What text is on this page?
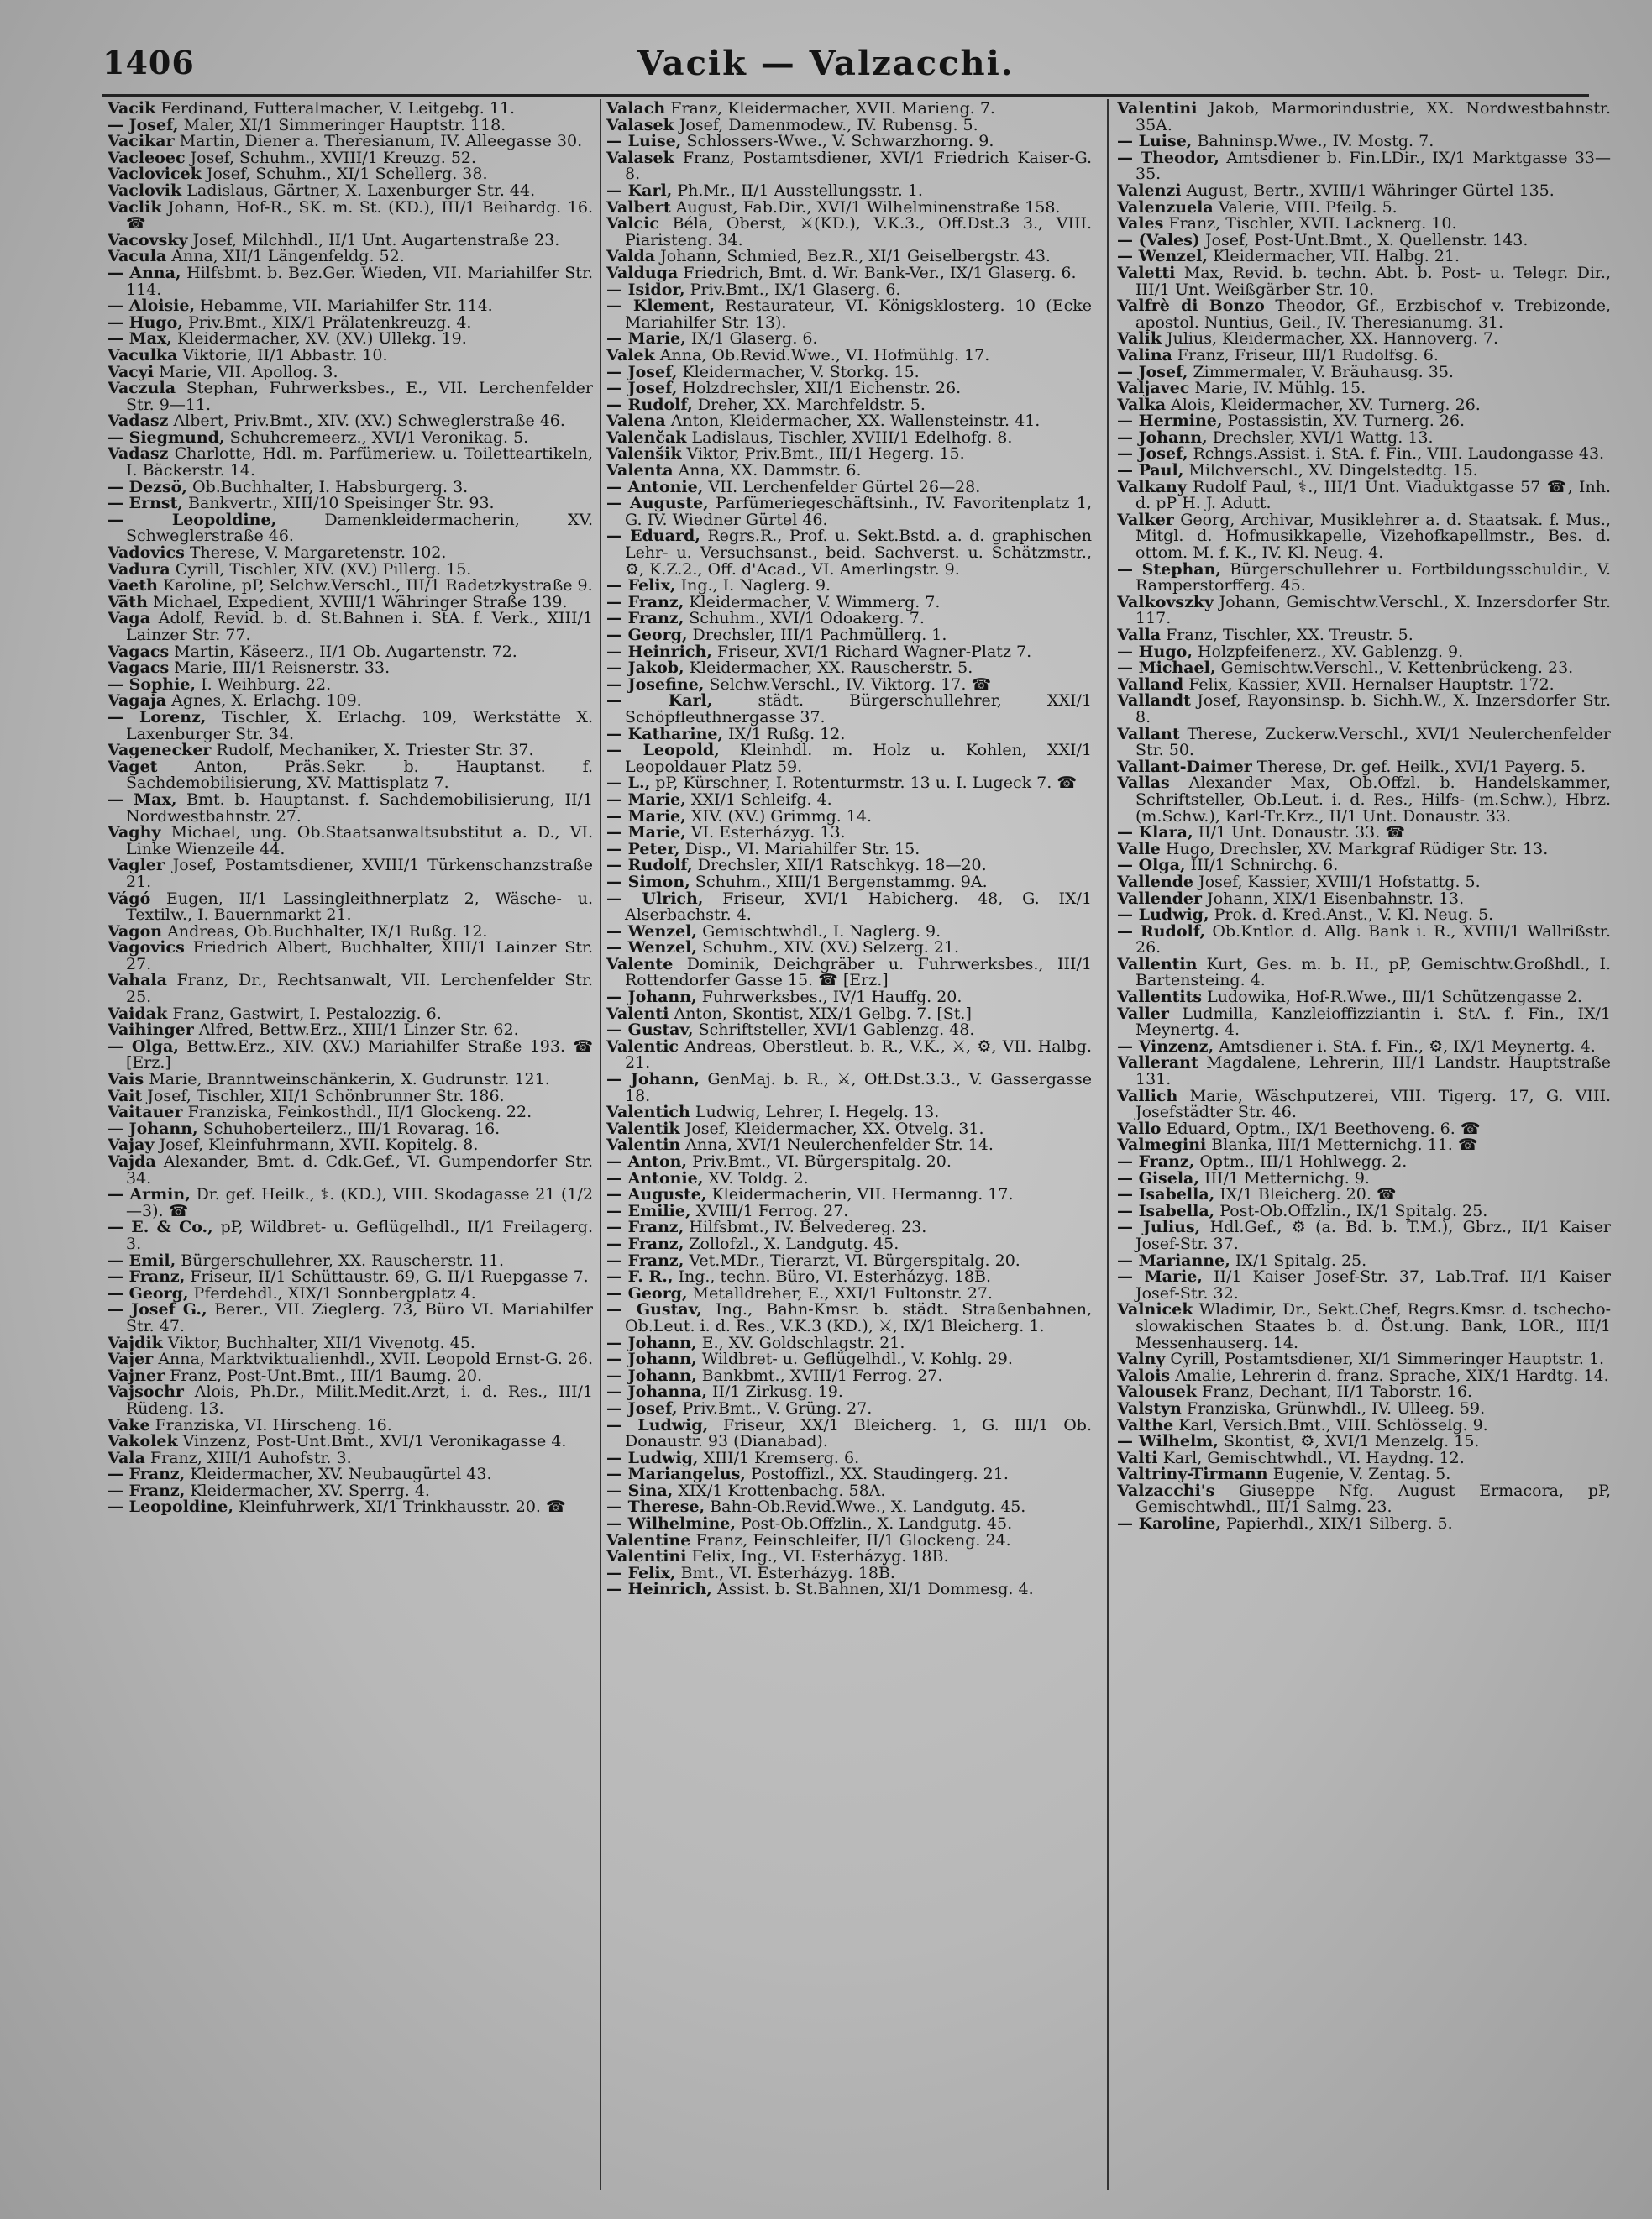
1406	Vacik — Valzacchi.
Vacik Ferdinand, Futteralmacher, V. Leitgebg. 11.
— Josef, Maler, XI/1 Simmeringer Hauptstr. 118.
Vacikar Martin, Diener a. Theresianum, IV. Alleegasse 30.
Vacleoec Josef, Schuhm., XVIII/1 Kreuzg. 52.
Vaclovicek Josef, Schuhm., XI/1 Schellerg. 38.
Vaclovik Ladislaus, Gärtner, X. Laxenburger Str. 44.
Vaclik Johann, Hof-R., SK. m. St. (KD.), III/1 Beihardg. 16. ☎
Vacovsky Josef, Milchhdl., II/1 Unt. Augartenstraße 23.
Vacula Anna, XII/1 Längenfeldg. 52.
— Anna, Hilfsbmt. b. Bez.Ger. Wieden, VII. Mariahilfer Str. 114.
— Aloisie, Hebamme, VII. Mariahilfer Str. 114.
— Hugo, Priv.Bmt., XIX/1 Prälatenkreuzg. 4.
— Max, Kleidermacher, XV. (XV.) Ullekg. 19.
Vaculka Viktorie, II/1 Abbastr. 10.
Vacyi Marie, VII. Apollog. 3.
Vaczula Stephan, Fuhrwerksbes., E., VII. Lerchenfelder Str. 9—11.
Vadasz Albert, Priv.Bmt., XIV. (XV.) Schweglerstraße 46.
— Siegmund, Schuhcremeerz., XVI/1 Veronikag. 5.
Vadasz Charlotte, Hdl. m. Parfümeriew. u. Toiletteartikeln, I. Bäckerstr. 14.
— Dezsö, Ob.Buchhalter, I. Habsburgerg. 3.
— Ernst, Bankvertr., XIII/10 Speisinger Str. 93.
— Leopoldine, Damenkleidermacherin, XV. Schweglerstraße 46.
Vadovics Therese, V. Margaretenstr. 102.
Vadura Cyrill, Tischler, XIV. (XV.) Pillerg. 15.
Vaeth Karoline, pP, Selchw.Verschl., III/1 Radetzkystraße 9.
Väth Michael, Expedient, XVIII/1 Währinger Straße 139.
Vaga Adolf, Revid. b. d. St.Bahnen i. StA. f. Verk., XIII/1 Lainzer Str. 77.
Vagacs Martin, Käseerz., II/1 Ob. Augartenstr. 72.
Vagacs Marie, III/1 Reisnerstr. 33.
— Sophie, I. Weihburg. 22.
Vagaja Agnes, X. Erlachg. 109.
— Lorenz, Tischler, X. Erlachg. 109, Werkstätte X. Laxenburger Str. 34.
Vagenecker Rudolf, Mechaniker, X. Triester Str. 37.
Vaget Anton, Präs.Sekr. b. Hauptanst. f. Sachdemobilisierung, XV. Mattisplatz 7.
— Max, Bmt. b. Hauptanst. f. Sachdemobilisierung, II/1 Nordwestbahnstr. 27.
Vaghy Michael, ung. Ob.Staatsanwaltsubstitut a. D., VI. Linke Wienzeile 44.
Vagler Josef, Postamtsdiener, XVIII/1 Türkenschanzstraße 21.
Vágó Eugen, II/1 Lassingleithnerplatz 2, Wäsche- u. Textilw., I. Bauernmarkt 21.
Vagon Andreas, Ob.Buchhalter, IX/1 Rußg. 12.
Vagovics Friedrich Albert, Buchhalter, XIII/1 Lainzer Str. 27.
Vahala Franz, Dr., Rechtsanwalt, VII. Lerchenfelder Str. 25.
Vaidak Franz, Gastwirt, I. Pestalozzig. 6.
Vaihinger Alfred, Bettw.Erz., XIII/1 Linzer Str. 62.
— Olga, Bettw.Erz., XIV. (XV.) Mariahilfer Straße 193. ☎ [Erz.]
Vais Marie, Branntweinschänkerin, X. Gudrunstr. 121.
Vait Josef, Tischler, XII/1 Schönbrunner Str. 186.
Vaitauer Franziska, Feinkosthdl., II/1 Glockeng. 22.
— Johann, Schuhoberteilerz., III/1 Rovarag. 16.
Vajay Josef, Kleinfuhrmann, XVII. Kopitelg. 8.
Vajda Alexander, Bmt. d. Cdk.Gef., VI. Gumpendorfer Str. 34.
— Armin, Dr. gef. Heilk., ⚕. (KD.), VIII. Skodagasse 21 (1/2—3). ☎
— E. & Co., pP, Wildbret- u. Geflügelhdl., II/1 Freilagerg. 3.
— Emil, Bürgerschullehrer, XX. Rauscherstr. 11.
— Franz, Friseur, II/1 Schüttaustr. 69, G. II/1 Ruepgasse 7.
— Georg, Pferdehdl., XIX/1 Sonnbergplatz 4.
— Josef G., Berer., VII. Zieglerg. 73, Büro VI. Mariahilfer Str. 47.
Vajdik Viktor, Buchhalter, XII/1 Vivenotg. 45.
Vajer Anna, Marktviktualienhdl., XVII. Leopold Ernst-G. 26.
Vajner Franz, Post-Unt.Bmt., III/1 Baumg. 20.
Vajsochr Alois, Ph.Dr., Milit.Medit.Arzt, i. d. Res., III/1 Rüdeng. 13.
Vake Franziska, VI. Hirscheng. 16.
Vakolek Vinzenz, Post-Unt.Bmt., XVI/1 Veronikagasse 4.
Vala Franz, XIII/1 Auhofstr. 3.
— Franz, Kleidermacher, XV. Neubaugürtel 43.
— Franz, Kleidermacher, XV. Sperrg. 4.
— Leopoldine, Kleinfuhrwerk, XI/1 Trinkhausstr. 20. ☎
Valach Franz, Kleidermacher, XVII. Marieng. 7.
Valasek Josef, Damenmodew., IV. Rubensg. 5.
— Luise, Schlossers-Wwe., V. Schwarzhorng. 9.
Valasek Franz, Postamtsdiener, XVI/1 Friedrich Kaiser-G. 8.
— Karl, Ph.Mr., II/1 Ausstellungsstr. 1.
Valbert August, Fab.Dir., XVI/1 Wilhelminenstraße 158.
Valcic Béla, Oberst, ⚔(KD.), V.K.3., Off.Dst.3 3., VIII. Piaristeng. 34.
Valda Johann, Schmied, Bez.R., XI/1 Geiselbergstr. 43.
Valduga Friedrich, Bmt. d. Wr. Bank-Ver., IX/1 Glaserg. 6.
— Isidor, Priv.Bmt., IX/1 Glaserg. 6.
— Klement, Restaurateur, VI. Königsklosterg. 10 (Ecke Mariahilfer Str. 13).
— Marie, IX/1 Glaserg. 6.
Valek Anna, Ob.Revid.Wwe., VI. Hofmühlg. 17.
— Josef, Kleidermacher, V. Storkg. 15.
— Josef, Holzdrechsler, XII/1 Eichenstr. 26.
— Rudolf, Dreher, XX. Marchfeldstr. 5.
Valena Anton, Kleidermacher, XX. Wallensteinstr. 41.
Valenčak Ladislaus, Tischler, XVIII/1 Edelhofg. 8.
Valenšik Viktor, Priv.Bmt., III/1 Hegerg. 15.
Valenta Anna, XX. Dammstr. 6.
— Antonie, VII. Lerchenfelder Gürtel 26—28.
— Auguste, Parfümeriegeschäftsinh., IV. Favoritenplatz 1, G. IV. Wiedner Gürtel 46.
— Eduard, Regrs.R., Prof. u. Sekt.Bstd. a. d. graphischen Lehr- u. Versuchsanst., beid. Sachverst. u. Schätzmstr., ⚙, K.Z.2., Off. d'Acad., VI. Amerlingstr. 9.
— Felix, Ing., I. Naglerg. 9.
— Franz, Kleidermacher, V. Wimmerg. 7.
— Franz, Schuhm., XVI/1 Odoakerg. 7.
— Georg, Drechsler, III/1 Pachmüllerg. 1.
— Heinrich, Friseur, XVI/1 Richard Wagner-Platz 7.
— Jakob, Kleidermacher, XX. Rauscherstr. 5.
— Josefine, Selchw.Verschl., IV. Viktorg. 17. ☎
— Karl, städt. Bürgerschullehrer, XXI/1 Schöpfleuthnergasse 37.
— Katharine, IX/1 Rußg. 12.
— Leopold, Kleinhdl. m. Holz u. Kohlen, XXI/1 Leopoldauer Platz 59.
— L., pP, Kürschner, I. Rotenturmstr. 13 u. I. Lugeck 7. ☎
— Marie, XXI/1 Schleifg. 4.
— Marie, XIV. (XV.) Grimmg. 14.
— Marie, VI. Esterházyg. 13.
— Peter, Disp., VI. Mariahilfer Str. 15.
— Rudolf, Drechsler, XII/1 Ratschkyg. 18—20.
— Simon, Schuhm., XIII/1 Bergenstammg. 9A.
— Ulrich, Friseur, XVI/1 Habicherg. 48, G. IX/1 Alserbachstr. 4.
— Wenzel, Gemischtwhdl., I. Naglerg. 9.
— Wenzel, Schuhm., XIV. (XV.) Selzerg. 21.
Valente Dominik, Deichgräber u. Fuhrwerksbes., III/1 Rottendorfer Gasse 15. ☎ [Erz.]
— Johann, Fuhrwerksbes., IV/1 Hauffg. 20.
Valenti Anton, Skontist, XIX/1 Gelbg. 7. [St.]
— Gustav, Schriftsteller, XVI/1 Gablenzg. 48.
Valentic Andreas, Oberstleut. b. R., V.K., ⚔, ⚙, VII. Halbg. 21.
— Johann, GenMaj. b. R., ⚔, Off.Dst.3.3., V. Gassergasse 18.
Valentich Ludwig, Lehrer, I. Hegelg. 13.
Valentik Josef, Kleidermacher, XX. Otvelg. 31.
Valentin Anna, XVI/1 Neulerchenfelder Str. 14.
— Anton, Priv.Bmt., VI. Bürgerspitalg. 20.
— Antonie, XV. Toldg. 2.
— Auguste, Kleidermacherin, VII. Hermanng. 17.
— Emilie, XVIII/1 Ferrog. 27.
— Franz, Hilfsbmt., IV. Belvedereg. 23.
— Franz, Zollofzl., X. Landgutg. 45.
— Franz, Vet.MDr., Tierarzt, VI. Bürgerspitalg. 20.
— F. R., Ing., techn. Büro, VI. Esterházyg. 18B.
— Georg, Metalldreher, E., XXI/1 Fultonstr. 27.
— Gustav, Ing., Bahn-Kmsr. b. städt. Straßenbahnen, Ob.Leut. i. d. Res., V.K.3 (KD.), ⚔, IX/1 Bleicherg. 1.
— Johann, E., XV. Goldschlagstr. 21.
— Johann, Wildbret- u. Geflügelhdl., V. Kohlg. 29.
— Johann, Bankbmt., XVIII/1 Ferrog. 27.
— Johanna, II/1 Zirkusg. 19.
— Josef, Priv.Bmt., V. Grüng. 27.
— Ludwig, Friseur, XX/1 Bleicherg. 1, G. III/1 Ob. Donaustr. 93 (Dianabad).
— Ludwig, XIII/1 Kremserg. 6.
— Mariangelus, Postoffizl., XX. Staudingerg. 21.
— Sina, XIX/1 Krottenbachg. 58A.
— Therese, Bahn-Ob.Revid.Wwe., X. Landgutg. 45.
— Wilhelmine, Post-Ob.Offzlin., X. Landgutg. 45.
Valentine Franz, Feinschleifer, II/1 Glockeng. 24.
Valentini Felix, Ing., VI. Esterházyg. 18B.
— Felix, Bmt., VI. Esterházyg. 18B.
— Heinrich, Assist. b. St.Bahnen, XI/1 Dommesg. 4.
Valentini Jakob, Marmorindustrie, XX. Nordwestbahnstr. 35A.
— Luise, Bahninsp.Wwe., IV. Mostg. 7.
— Theodor, Amtsdiener b. Fin.LDir., IX/1 Marktgasse 33—35.
Valenzi August, Bertr., XVIII/1 Währinger Gürtel 135.
Valenzuela Valerie, VIII. Pfeilg. 5.
Vales Franz, Tischler, XVII. Lacknerg. 10.
— (Vales) Josef, Post-Unt.Bmt., X. Quellenstr. 143.
— Wenzel, Kleidermacher, VII. Halbg. 21.
Valetti Max, Revid. b. techn. Abt. b. Post- u. Telegr. Dir., III/1 Unt. Weißgärber Str. 10.
Valfrè di Bonzo Theodor, Gf., Erzbischof v. Trebizonde, apostol. Nuntius, Geil., IV. Theresianumg. 31.
Valik Julius, Kleidermacher, XX. Hannoverg. 7.
Valina Franz, Friseur, III/1 Rudolfsg. 6.
— Josef, Zimmermaler, V. Bräuhausg. 35.
Valjavec Marie, IV. Mühlg. 15.
Valka Alois, Kleidermacher, XV. Turnerg. 26.
— Hermine, Postassistin, XV. Turnerg. 26.
— Johann, Drechsler, XVI/1 Wattg. 13.
— Josef, Rchngs.Assist. i. StA. f. Fin., VIII. Laudongasse 43.
— Paul, Milchverschl., XV. Dingelstedtg. 15.
Valkany Rudolf Paul, ⚕., III/1 Unt. Viaduktgasse 57 ☎, Inh. d. pP H. J. Adutt.
Valker Georg, Archivar, Musiklehrer a. d. Staatsak. f. Mus., Mitgl. d. Hofmusikkapelle, Vizehofkapellmstr., Bes. d. ottom. M. f. K., IV. Kl. Neug. 4.
— Stephan, Bürgerschullehrer u. Fortbildungsschuldir., V. Ramperstorfferg. 45.
Valkovszky Johann, Gemischtw.Verschl., X. Inzersdorfer Str. 117.
Valla Franz, Tischler, XX. Treustr. 5.
— Hugo, Holzpfeifenerz., XV. Gablenzg. 9.
— Michael, Gemischtw.Verschl., V. Kettenbrückeng. 23.
Valland Felix, Kassier, XVII. Hernalser Hauptstr. 172.
Vallandt Josef, Rayonsinsp. b. Sichh.W., X. Inzersdorfer Str. 8.
Vallant Therese, Zuckerw.Verschl., XVI/1 Neulerchenfelder Str. 50.
Vallant-Daimer Therese, Dr. gef. Heilk., XVI/1 Payerg. 5.
Vallas Alexander Max, Ob.Offzl. b. Handelskammer, Schriftsteller, Ob.Leut. i. d. Res., Hilfs- (m.Schw.), Hbrz. (m.Schw.), Karl-Tr.Krz., II/1 Unt. Donaustr. 33.
— Klara, II/1 Unt. Donaustr. 33. ☎
Valle Hugo, Drechsler, XV. Markgraf Rüdiger Str. 13.
— Olga, III/1 Schnirchg. 6.
Vallende Josef, Kassier, XVIII/1 Hofstattg. 5.
Vallender Johann, XIX/1 Eisenbahnstr. 13.
— Ludwig, Prok. d. Kred.Anst., V. Kl. Neug. 5.
— Rudolf, Ob.Kntlor. d. Allg. Bank i. R., XVIII/1 Wallrißstr. 26.
Vallentin Kurt, Ges. m. b. H., pP, Gemischtw.Großhdl., I. Bartensteing. 4.
Vallentits Ludowika, Hof-R.Wwe., III/1 Schützengasse 2.
Valler Ludmilla, Kanzleioffizziantin i. StA. f. Fin., IX/1 Meynertg. 4.
— Vinzenz, Amtsdiener i. StA. f. Fin., ⚙, IX/1 Meynertg. 4.
Vallerant Magdalene, Lehrerin, III/1 Landstr. Hauptstraße 131.
Vallich Marie, Wäschputzerei, VIII. Tigerg. 17, G. VIII. Josefstädter Str. 46.
Vallo Eduard, Optm., IX/1 Beethoveng. 6. ☎
Valmegini Blanka, III/1 Metternichg. 11. ☎
— Franz, Optm., III/1 Hohlwegg. 2.
— Gisela, III/1 Metternichg. 9.
— Isabella, IX/1 Bleicherg. 20. ☎
— Isabella, Post-Ob.Offzlin., IX/1 Spitalg. 25.
— Julius, Hdl.Gef., ⚙ (a. Bd. b. T.M.), Gbrz., II/1 Kaiser Josef-Str. 37.
— Marianne, IX/1 Spitalg. 25.
— Marie, II/1 Kaiser Josef-Str. 37, Lab.Traf. II/1 Kaiser Josef-Str. 32.
Valnicek Wladimir, Dr., Sekt.Chef, Regrs.Kmsr. d. tschecho-slowakischen Staates b. d. Öst.ung. Bank, LOR., III/1 Messenhauserg. 14.
Valny Cyrill, Postamtsdiener, XI/1 Simmeringer Hauptstr. 1.
Valois Amalie, Lehrerin d. franz. Sprache, XIX/1 Hardtg. 14.
Valousek Franz, Dechant, II/1 Taborstr. 16.
Valstyn Franziska, Grünwhdl., IV. Ulleeg. 59.
Valthe Karl, Versich.Bmt., VIII. Schlösselg. 9.
— Wilhelm, Skontist, ⚙, XVI/1 Menzelg. 15.
Valti Karl, Gemischtwhdl., VI. Haydng. 12.
Valtriny-Tirmann Eugenie, V. Zentag. 5.
Valzacchi's Giuseppe Nfg. August Ermacora, pP, Gemischtwhdl., III/1 Salmg. 23.
— Karoline, Papierhdl., XIX/1 Silberg. 5.
